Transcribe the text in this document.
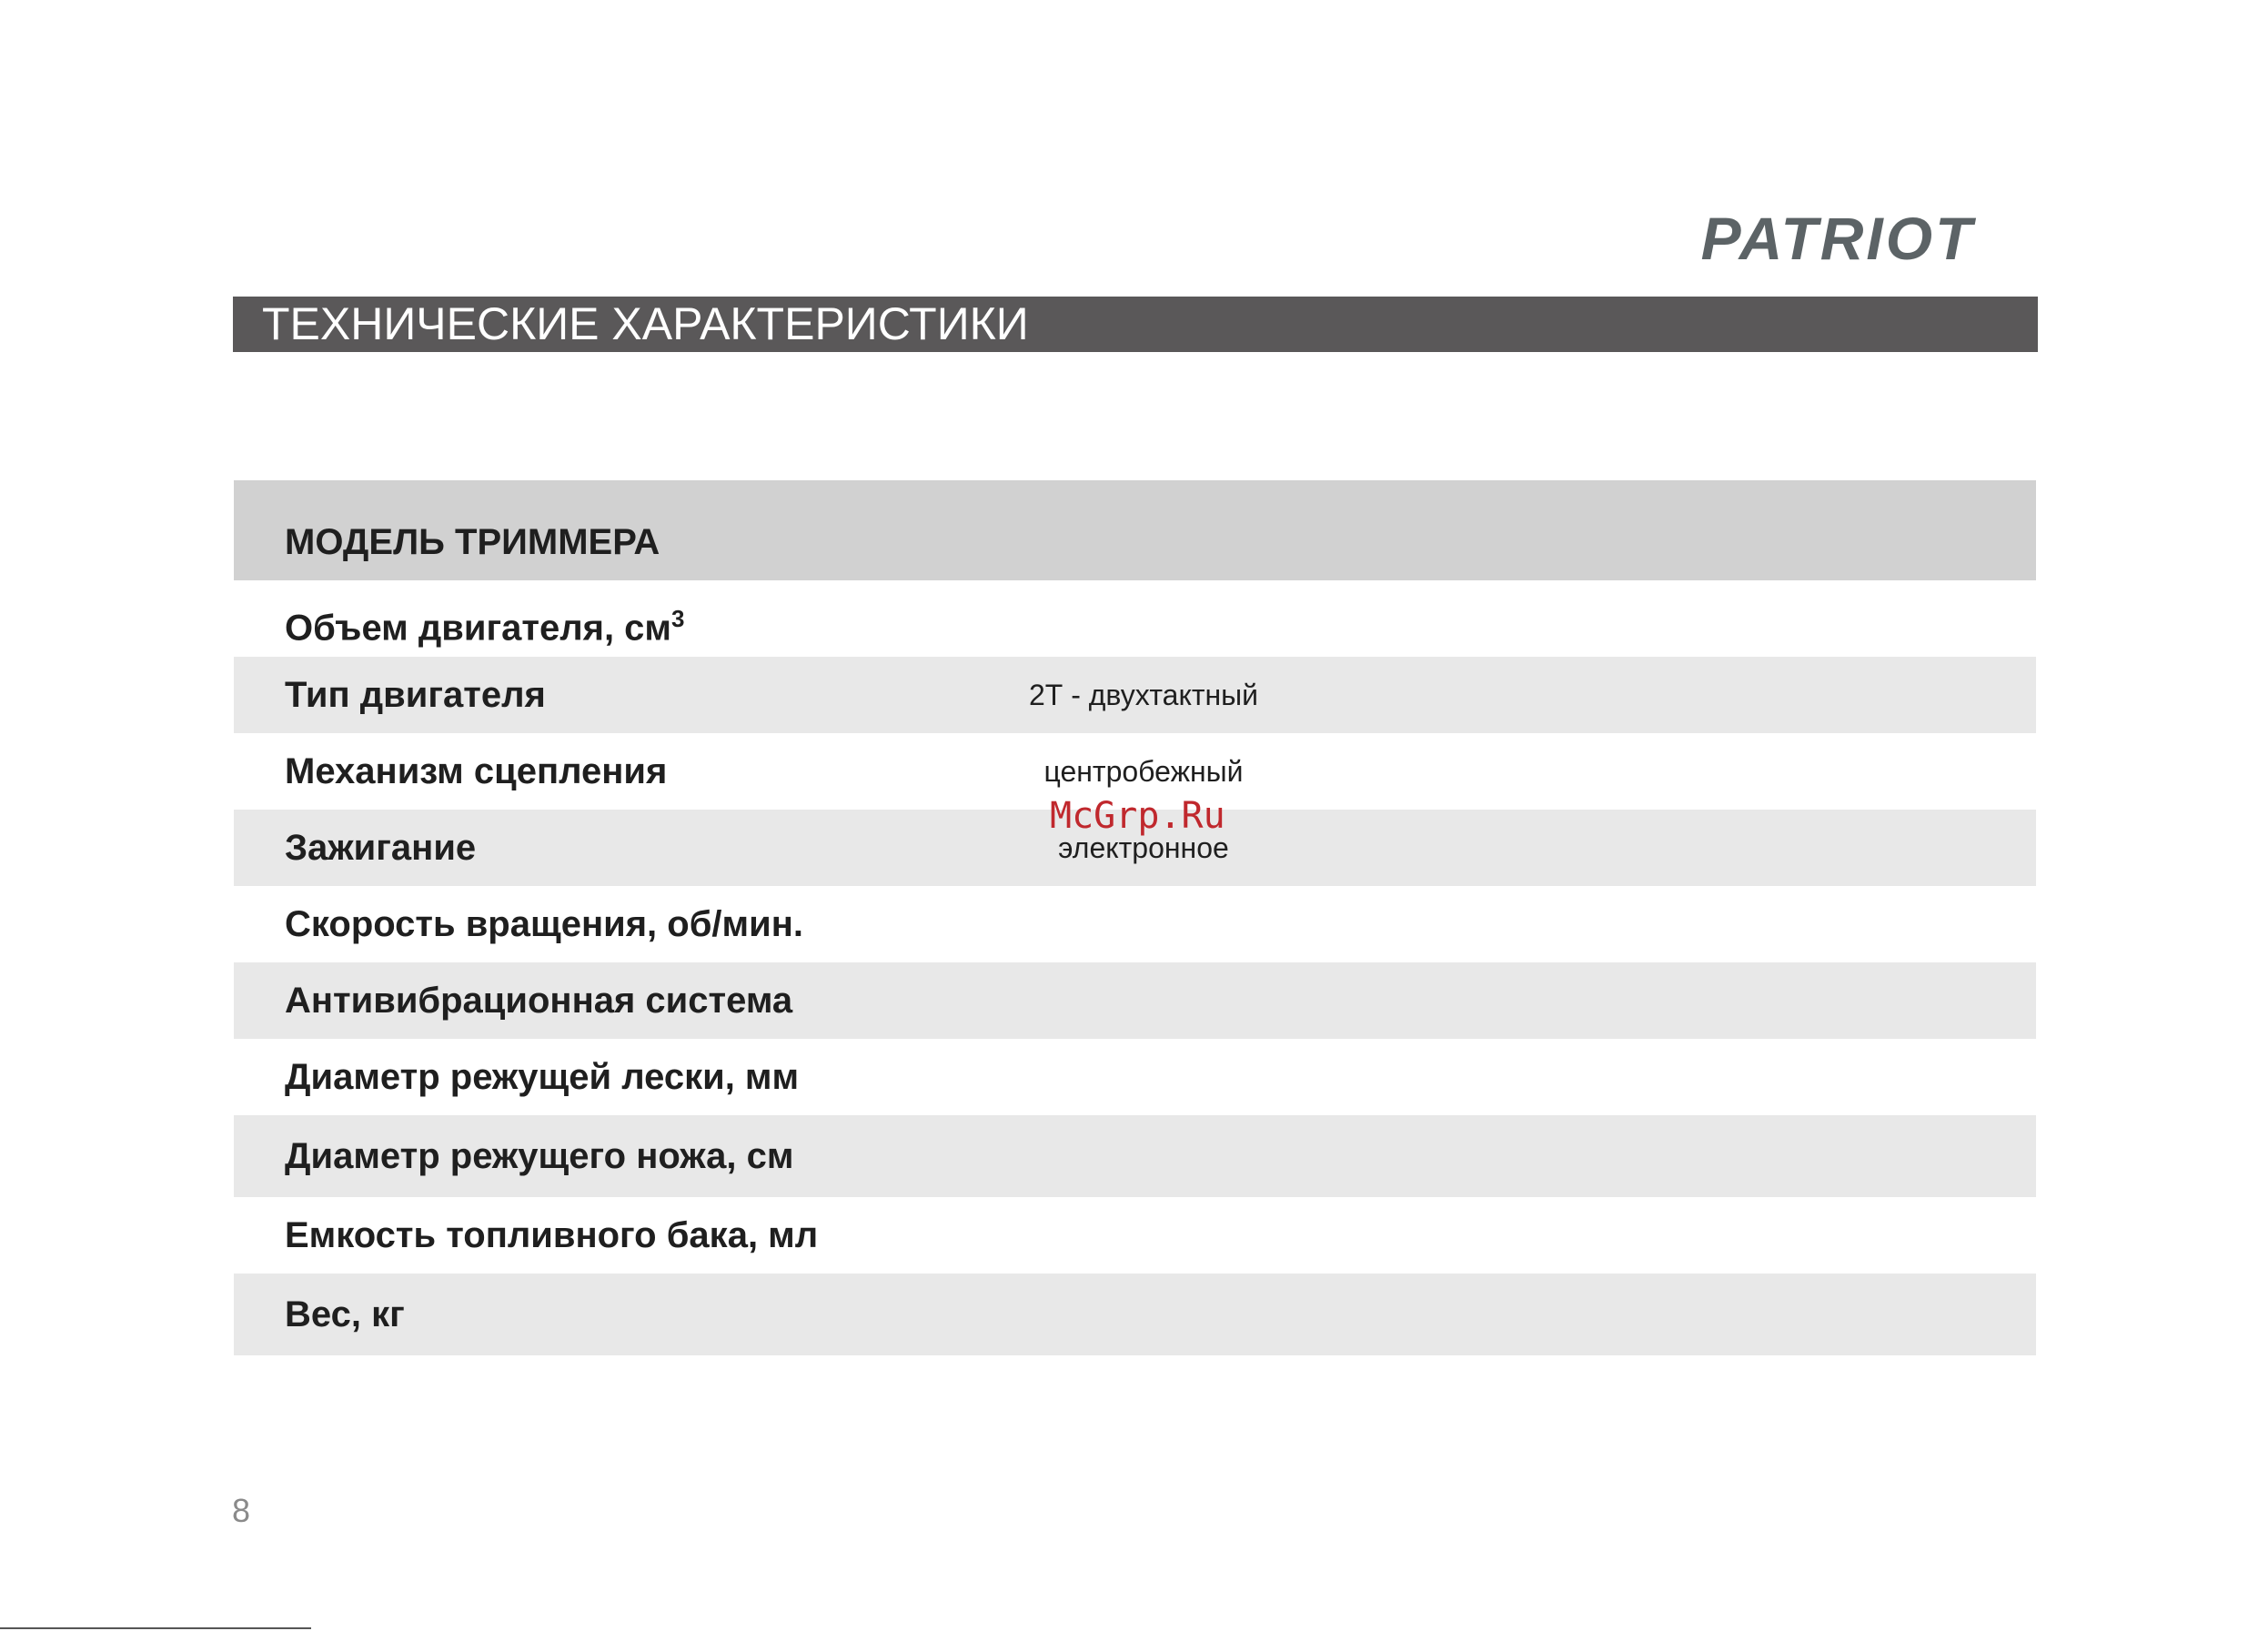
PATRIOT
ТЕХНИЧЕСКИЕ ХАРАКТЕРИСТИКИ
МОДЕЛЬ ТРИММЕРА
Объем двигателя, $см^3$
Тип двигателя	2Т - двухтактный
Механизм сцепления	центробежный
Зажигание	электронное
Скорость вращения, об/мин.
Антивибрационная система
Диаметр режущей лески, мм
Диаметр режущего ножа, см
Емкость топливного бака, мл
Вес, кг
McGrp.Ru
8
